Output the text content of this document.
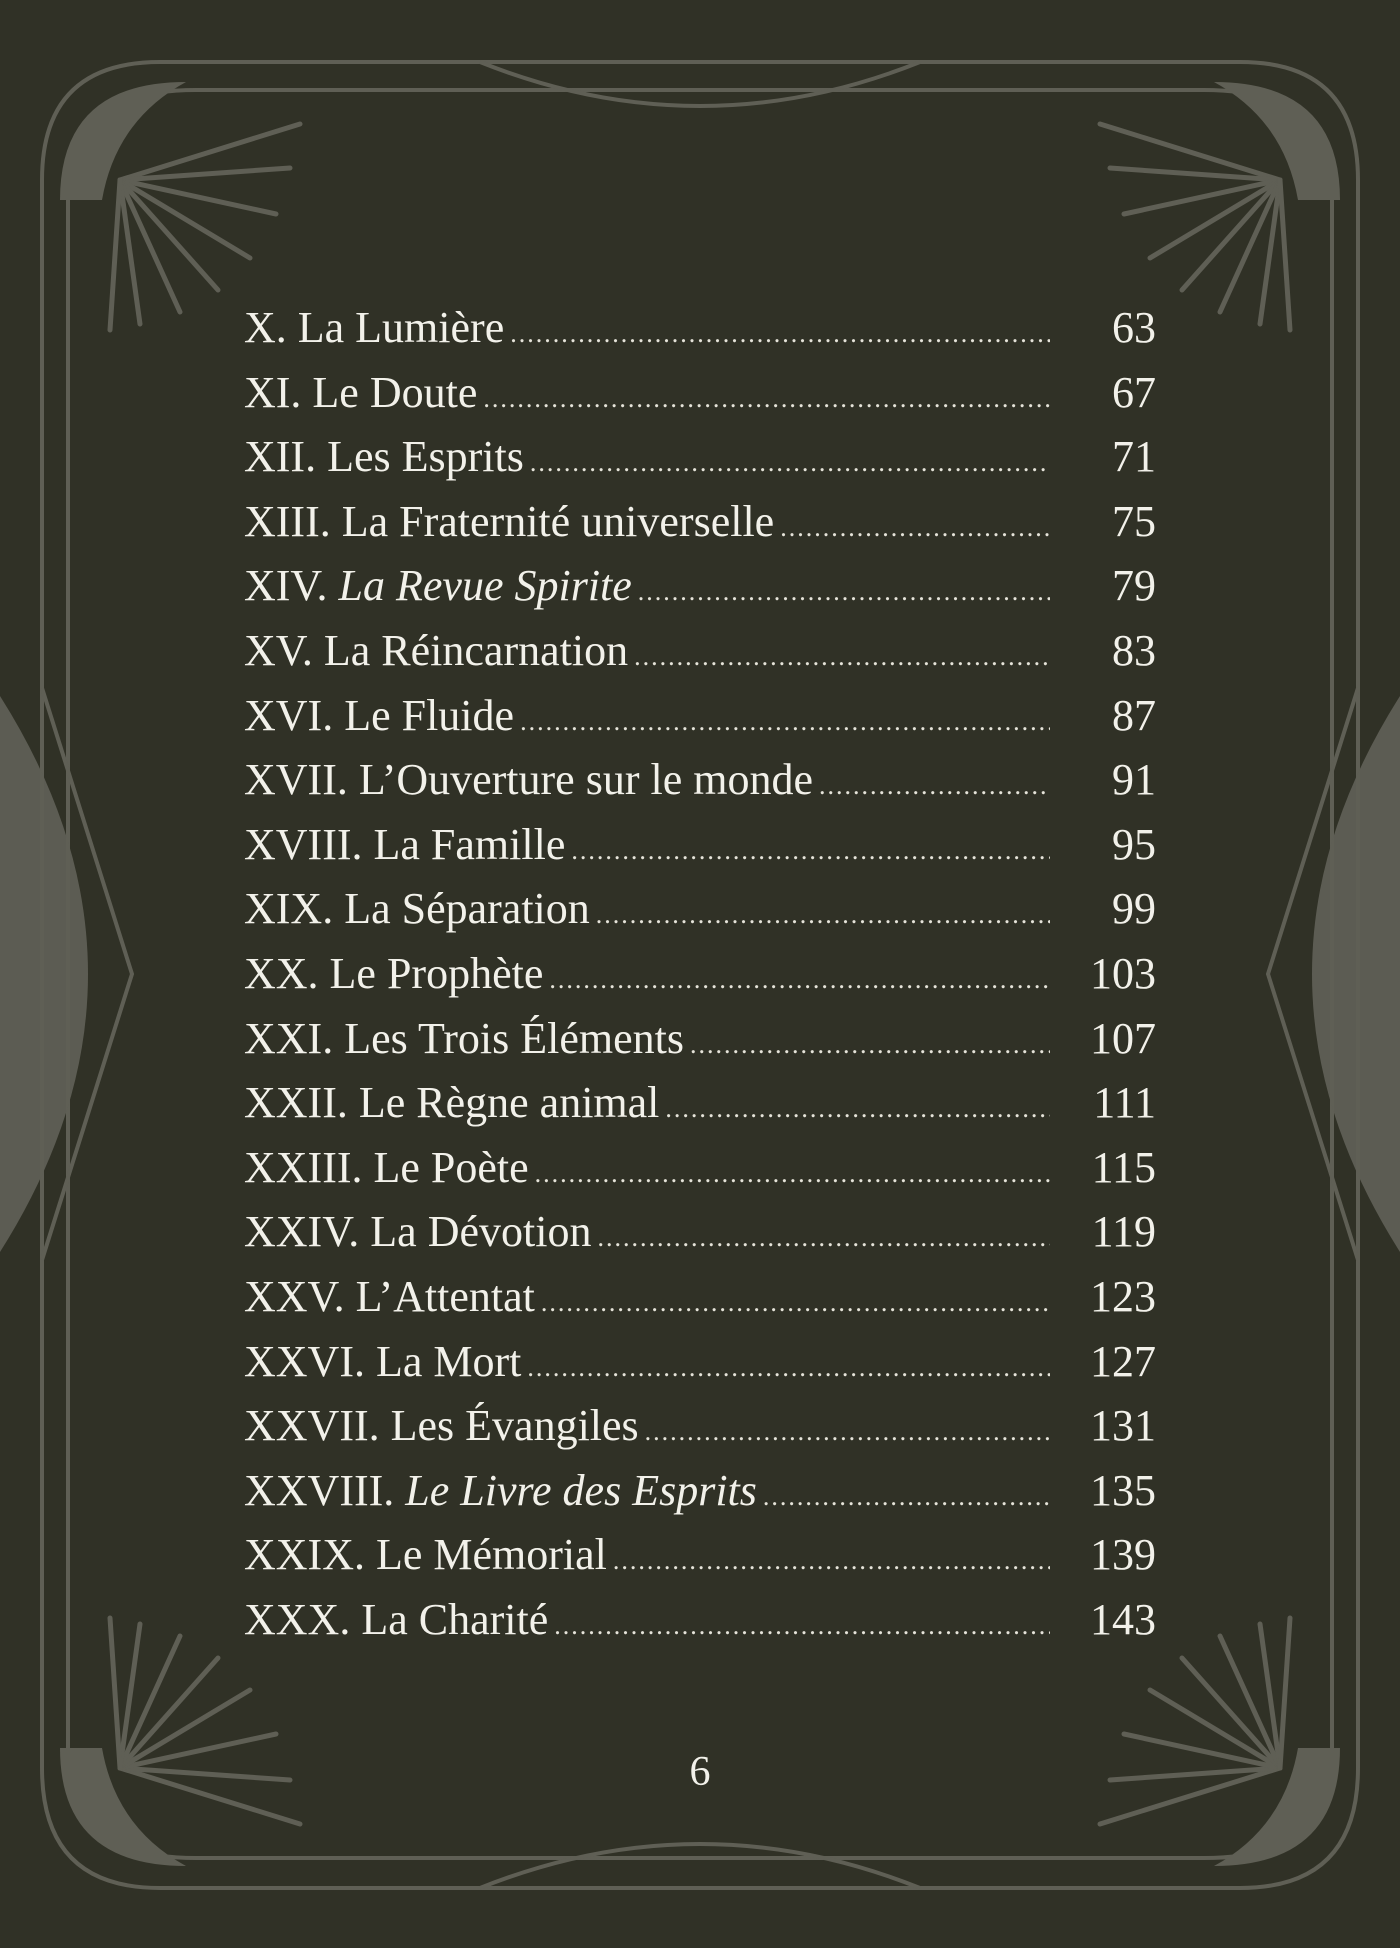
X. La Lumière .....	63
XI. Le Doute .....	67
XII. Les Esprits .....	71
XIII. La Fraternité universelle .....	75
XIV. La Revue Spirite .....	79
XV. La Réincarnation .....	83
XVI. Le Fluide .....	87
XVII. L’Ouverture sur le monde .....	91
XVIII. La Famille .....	95
XIX. La Séparation .....	99
XX. Le Prophète .....	103
XXI. Les Trois Éléments .....	107
XXII. Le Règne animal .....	111
XXIII. Le Poète .....	115
XXIV. La Dévotion .....	119
XXV. L’Attentat .....	123
XXVI. La Mort .....	127
XXVII. Les Évangiles .....	131
XXVIII. Le Livre des Esprits .....	135
XXIX. Le Mémorial .....	139
XXX. La Charité .....	143
6
